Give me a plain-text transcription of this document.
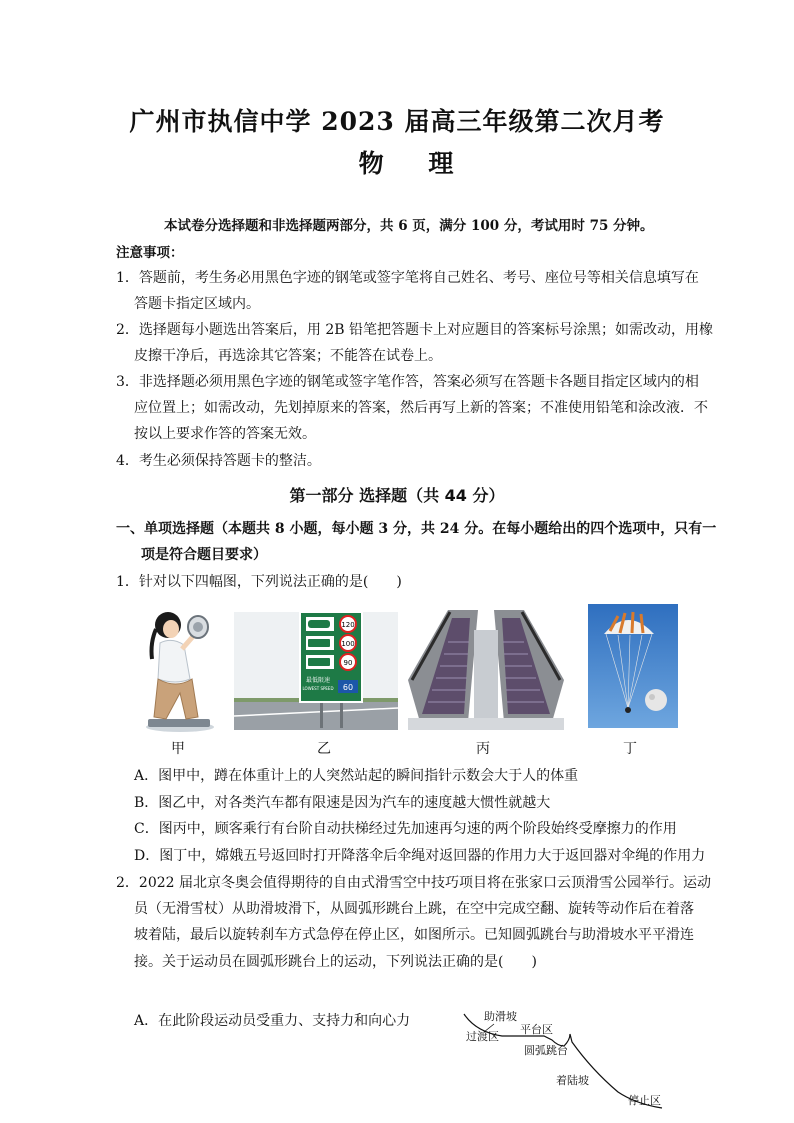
广州市执信中学 2023 届高三年级第二次月考
物 理
本试卷分选择题和非选择题两部分，共 6 页，满分 100 分，考试用时 75 分钟。
注意事项：
1．答题前，考生务必用黑色字迹的钢笔或签字笔将自己姓名、考号、座位号等相关信息填写在
答题卡指定区域内。
2．选择题每小题选出答案后，用 2B 铅笔把答题卡上对应题目的答案标号涂黑；如需改动，用橡
皮擦干净后，再选涂其它答案；不能答在试卷上。
3．非选择题必须用黑色字迹的钢笔或签字笔作答，答案必须写在答题卡各题目指定区域内的相
应位置上；如需改动，先划掉原来的答案，然后再写上新的答案；不准使用铅笔和涂改液．不
按以上要求作答的答案无效。
4．考生必须保持答题卡的整洁。
第一部分 选择题（共 44 分）
一、单项选择题（本题共 8 小题，每小题 3 分，共 24 分。在每小题给出的四个选项中，只有一
项是符合题目要求）
1．针对以下四幅图，下列说法正确的是(　　)
甲
120
100
90
最低限速
LOWEST SPEED 60
乙	丙	丁
A．图甲中，蹲在体重计上的人突然站起的瞬间指针示数会大于人的体重
B．图乙中，对各类汽车都有限速是因为汽车的速度越大惯性就越大
C．图丙中，顾客乘行有台阶自动扶梯经过先加速再匀速的两个阶段始终受摩擦力的作用
D．图丁中，嫦娥五号返回时打开降落伞后伞绳对返回器的作用力大于返回器对伞绳的作用力
2．2022 届北京冬奥会值得期待的自由式滑雪空中技巧项目将在张家口云顶滑雪公园举行。运动
员（无滑雪杖）从助滑坡滑下，从圆弧形跳台上跳，在空中完成空翻、旋转等动作后在着落
坡着陆，最后以旋转刹车方式急停在停止区，如图所示。已知圆弧跳台与助滑坡水平平滑连
接。关于运动员在圆弧形跳台上的运动，下列说法正确的是(　　)
A．在此阶段运动员受重力、支持力和向心力	助滑坡
平台区
过渡区
圆弧跳台
着陆坡
停止区
